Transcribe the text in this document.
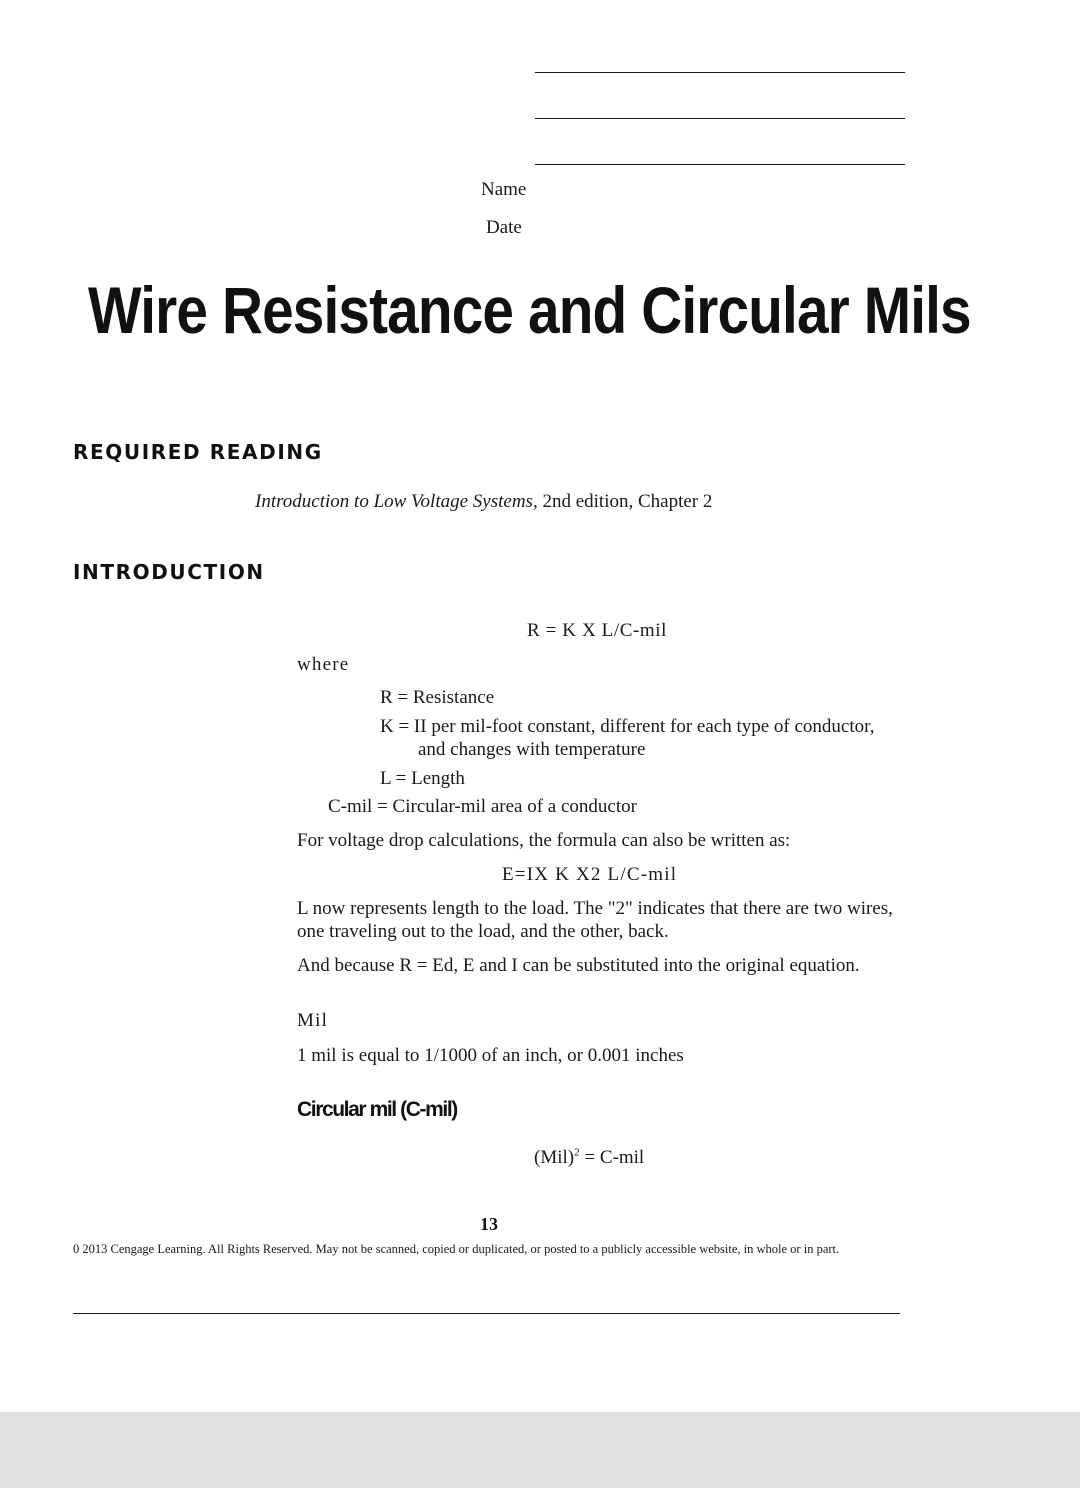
Name
Date
Wire Resistance and Circular Mils
REQUIRED READING
Introduction to Low Voltage Systems, 2nd edition, Chapter 2
INTRODUCTION
R = K X L/C-mil
where
R = Resistance
K = II per mil-foot constant, different for each type of conductor,
and changes with temperature
L = Length
C-mil = Circular-mil area of a conductor
For voltage drop calculations, the formula can also be written as:
E=IX K X2 L/C-mil
L now represents length to the load. The "2" indicates that there are two wires,
one traveling out to the load, and the other, back.
And because R = Ed, E and I can be substituted into the original equation.
Mil
1 mil is equal to 1/1000 of an inch, or 0.001 inches
Circular mil (C-mil)
(Mil)$^2$ = C-mil
13
0 2013 Cengage Learning. All Rights Reserved. May not be scanned, copied or duplicated, or posted to a publicly accessible website, in whole or in part.
